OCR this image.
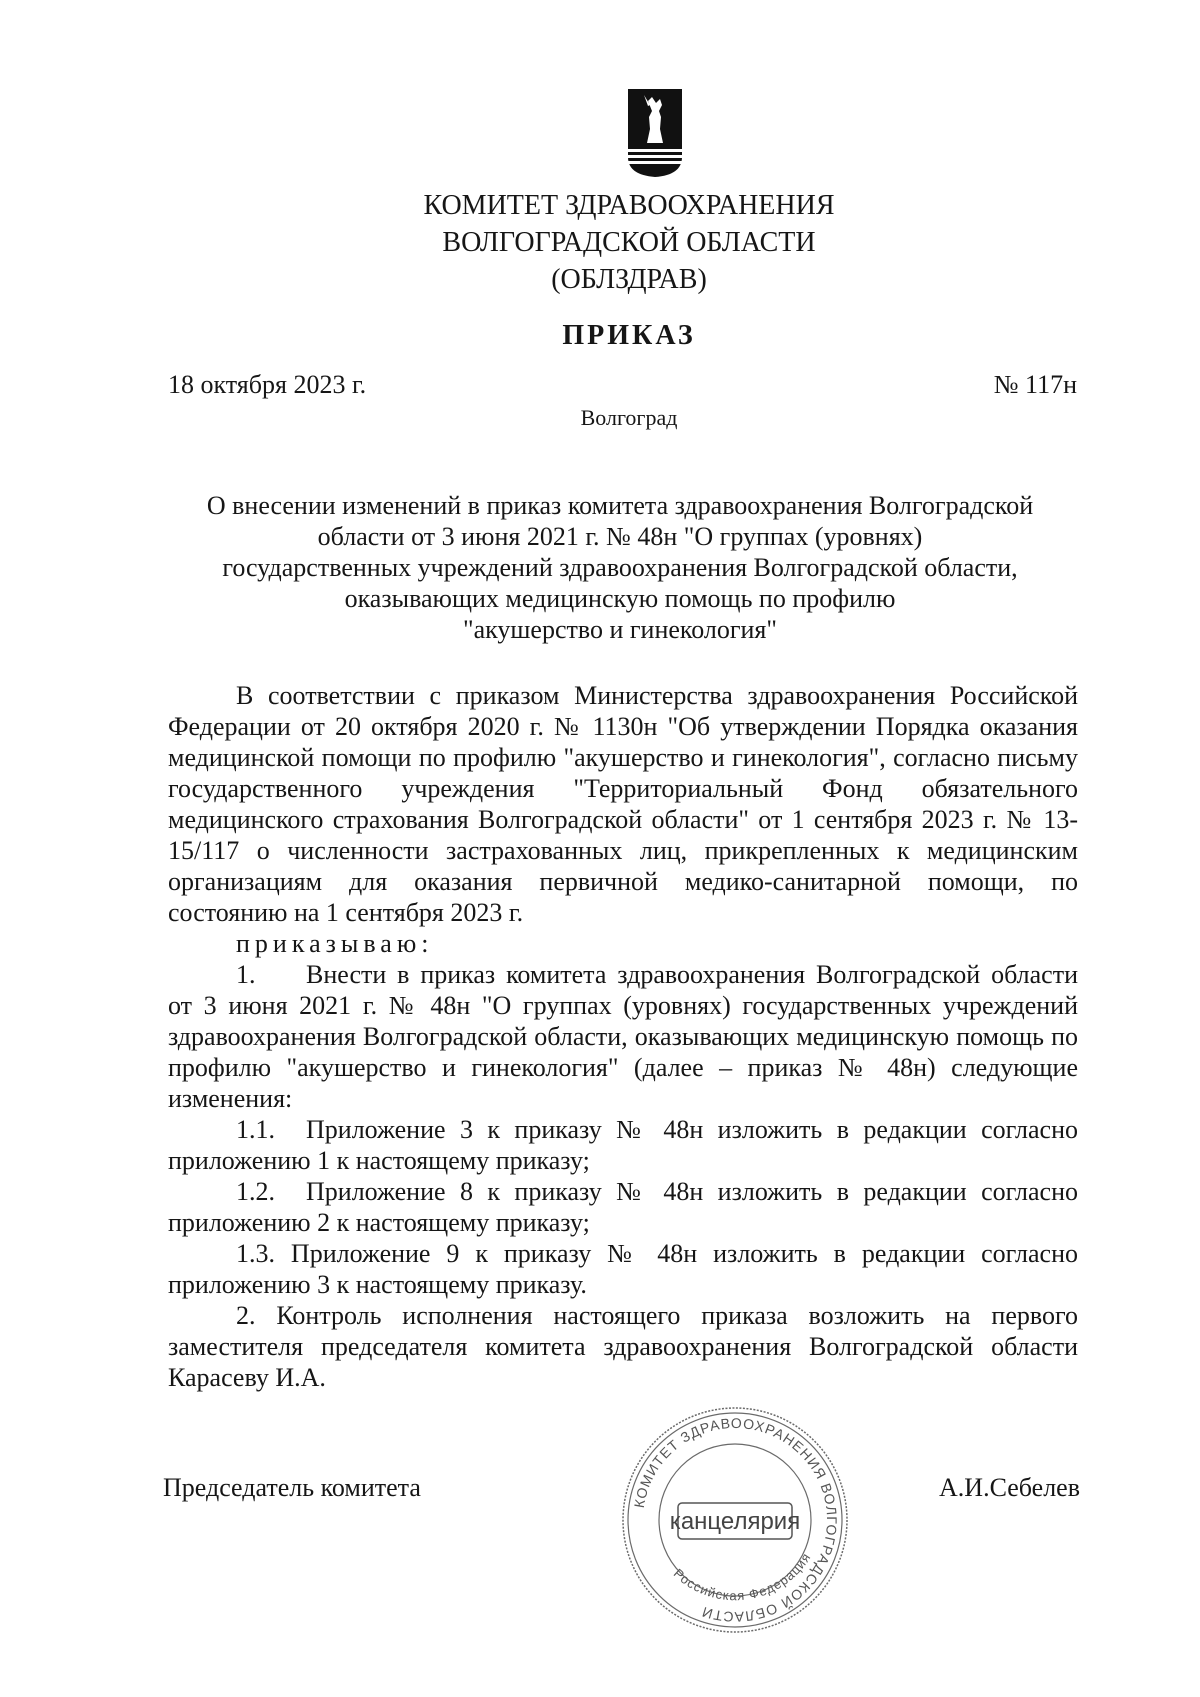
КОМИТЕТ ЗДРАВООХРАНЕНИЯ
ВОЛГОГРАДСКОЙ ОБЛАСТИ
(ОБЛЗДРАВ)
ПРИКАЗ
18 октября 2023 г.	№ 117н
Волгоград
О внесении изменений в приказ комитета здравоохранения Волгоградской
области от 3 июня 2021 г. № 48н "О группах (уровнях)
государственных учреждений здравоохранения Волгоградской области,
оказывающих медицинскую помощь по профилю
"акушерство и гинекология"

В соответствии с приказом Министерства здравоохранения Российской Федерации от 20 октября 2020 г. № 1130н "Об утверждении Порядка оказания медицинской помощи по профилю "акушерство и гинекология", согласно письму государственного учреждения "Территориальный Фонд обязательного медицинского страхования Волгоградской области" от 1 сентября 2023 г. № 13-15/117 о численности застрахованных лиц, прикрепленных к медицинским организациям для оказания первичной медико-санитарной помощи, по состоянию на 1 сентября 2023 г.

приказываю:

1. Внести в приказ комитета здравоохранения Волгоградской области от 3 июня 2021 г. № 48н "О группах (уровнях) государственных учреждений здравоохранения Волгоградской области, оказывающих медицинскую помощь по профилю "акушерство и гинекология" (далее – приказ № 48н) следующие изменения:

1.1. Приложение 3 к приказу № 48н изложить в редакции согласно приложению 1 к настоящему приказу;

1.2. Приложение 8 к приказу № 48н изложить в редакции согласно приложению 2 к настоящему приказу;

1.3. Приложение 9 к приказу № 48н изложить в редакции согласно приложению 3 к настоящему приказу.

2. Контроль исполнения настоящего приказа возложить на первого заместителя председателя комитета здравоохранения Волгоградской области Карасеву И.А.

Председатель комитета	А.И.Себелев
КОМИТЕТ ЗДРАВООХРАНЕНИЯ ВОЛГОГРАДСКОЙ ОБЛАСТИ
Российская Федерация
канцелярия
